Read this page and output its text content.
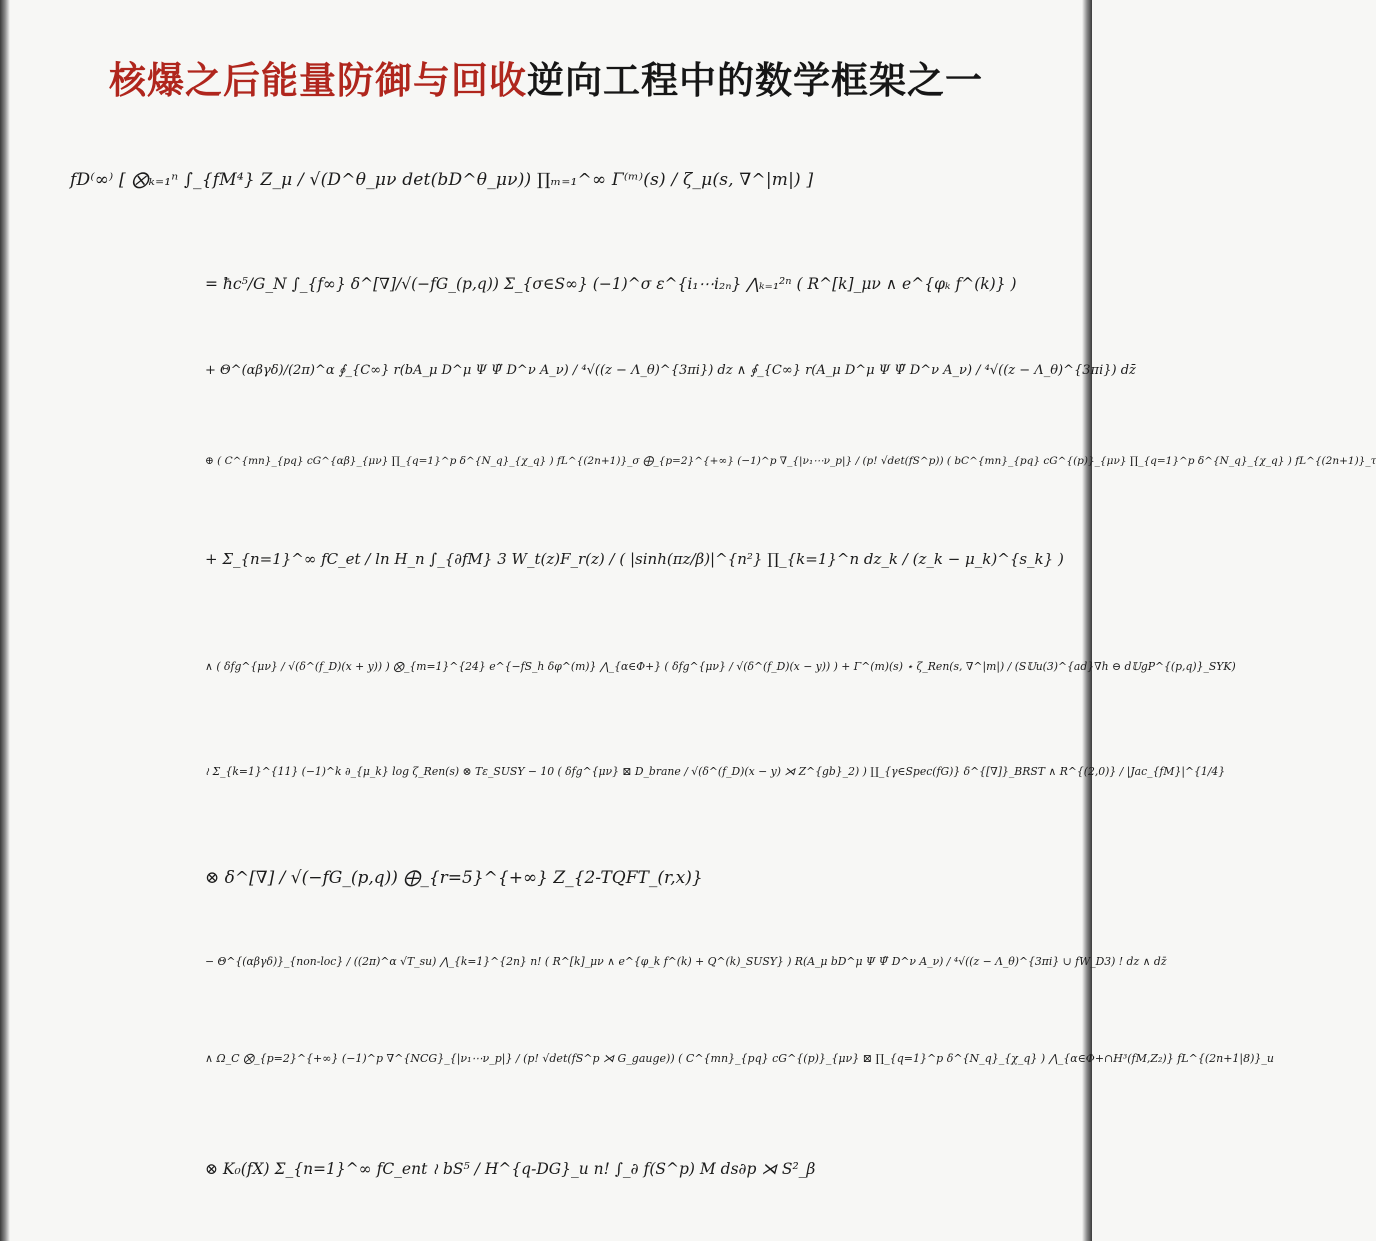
核爆之后能量防御与回收逆向工程中的数学框架之一
fD⁽∞⁾ [ ⨂ₖ₌₁ⁿ ∫_{fM⁴} Z_μ / √(D^θ_μν det(bD^θ_μν)) ∏ₘ₌₁^∞ Γ⁽ᵐ⁾(s) / ζ_μ(s, ∇^|m|) ]
= ħc⁵/G_N ∫_{f∞} δ^[∇]/√(−fG_(p,q)) Σ_{σ∈S∞} (−1)^σ ε^{i₁⋯i₂ₙ} ⋀ₖ₌₁²ⁿ ( R^[k]_μν ∧ e^{φₖ f^(k)} )
+ Θ^(αβγδ)/(2π)^α ∮_{C∞} r(bA_μ D^μ Ψ Ψ̃ D^ν A_ν) / ⁴√((z − Λ_θ)^{3πi}) dz ∧ ∮_{C∞} r(A_μ D^μ Ψ Ψ̃ D^ν A_ν) / ⁴√((z − Λ_θ)^{3πi}) dz̄
⊕ ( C^{mn}_{pq} cG^{αβ}_{μν} ∏_{q=1}^p δ^{N_q}_{χ_q} ) fL^{(2n+1)}_σ ⨁_{p=2}^{+∞} (−1)^p ∇_{|ν₁⋯ν_p|} / (p! √det(fS^p)) ( bC^{mn}_{pq} cG^{(p)}_{μν} ∏_{q=1}^p δ^{N_q}_{χ_q} ) fL^{(2n+1)}_τ
+ Σ_{n=1}^∞ fC_et / ln H_n ∫_{∂fM} 3 W_t(z)F_r(z) / ( |sinh(πz/β)|^{n²} ∏_{k=1}^n dz_k / (z_k − μ_k)^{s_k} )
∧ ( δfg^{μν} / √(δ^(f_D)(x + y)) ) ⨂_{m=1}^{24} e^{−fS_h δφ^(m)} ⋀_{α∈Φ+} ( δfg^{μν} / √(δ^(f_D)(x − y)) ) + Γ^(m)(s) ⋆ ζ_Ren(s, ∇^|m|) / (S𝕌u(3)^{ad}∇h ⊖ d𝕌gP^{(p,q)}_SYK)
≀ Σ_{k=1}^{11} (−1)^k ∂_{μ_k} log ζ_Ren(s) ⊗ Tε_SUSY − 10 ( δfg^{μν} ⊠ D_brane / √(δ^(f_D)(x − y) ⋊ Z^{gb}_2) ) ∐_{γ∈Spec(fG)} δ^{[∇]}_BRST ∧ R^{(2,0)} / |Jac_{fM}|^{1/4}
⊗ δ^[∇] / √(−fG_(p,q)) ⨁_{r=5}^{+∞} Z_{2-TQFT_(r,x)}
− Θ^{(αβγδ)}_{non-loc} / ((2π)^α √T_su) ⋀_{k=1}^{2n} n! ( R^[k]_μν ∧ e^{φ_k f^(k) + Q^(k)_SUSY} ) R(A_μ bD^μ Ψ Ψ̃ D^ν A_ν) / ⁴√((z − Λ_θ)^{3πi} ∪ fW_D3) ! dz ∧ dz̄
∧ Ω_C ⨂_{p=2}^{+∞} (−1)^p ∇^{NCG}_{|ν₁⋯ν_p|} / (p! √det(fS^p ⋊ G_gauge)) ( C^{mn}_{pq} cG^{(p)}_{μν} ⊠ ∏_{q=1}^p δ^{N_q}_{χ_q} ) ⋀_{α∈Φ+∩H³(fM,Z₂)} fL^{(2n+1|8)}_u
⊗ K₀(fX) Σ_{n=1}^∞ fC_ent ≀ bS⁵ / H^{q-DG}_u n! ∫_∂ f(S^p) M ds∂p ⋊ S²_β
